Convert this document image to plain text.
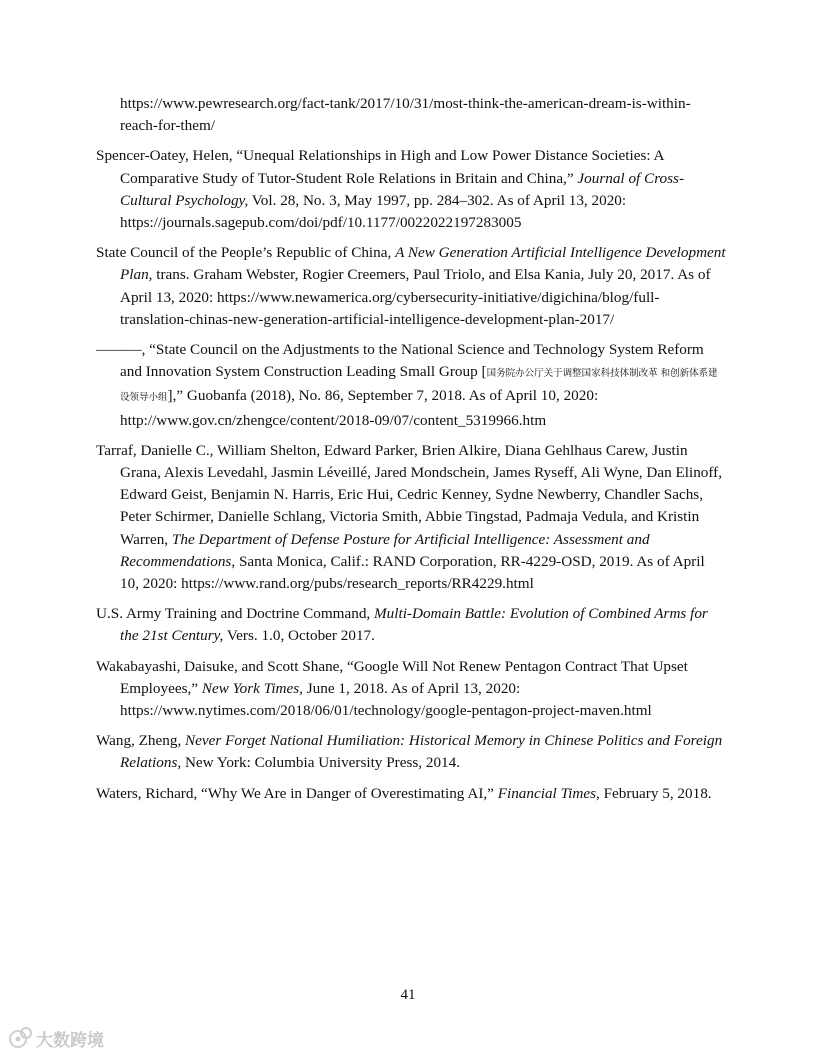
https://www.pewresearch.org/fact-tank/2017/10/31/most-think-the-american-dream-is-within-reach-for-them/

Spencer-Oatey, Helen, “Unequal Relationships in High and Low Power Distance Societies: A Comparative Study of Tutor-Student Role Relations in Britain and China,” Journal of Cross-Cultural Psychology, Vol. 28, No. 3, May 1997, pp. 284–302. As of April 13, 2020: https://journals.sagepub.com/doi/pdf/10.1177/0022022197283005

State Council of the People’s Republic of China, A New Generation Artificial Intelligence Development Plan, trans. Graham Webster, Rogier Creemers, Paul Triolo, and Elsa Kania, July 20, 2017. As of April 13, 2020: https://www.newamerica.org/cybersecurity-initiative/digichina/blog/full-translation-chinas-new-generation-artificial-intelligence-development-plan-2017/

———, “State Council on the Adjustments to the National Science and Technology System Reform and Innovation System Construction Leading Small Group [国务院办公厅关于调整国家科技体制改革 和创新体系建设领导小组],” Guobanfa (2018), No. 86, September 7, 2018. As of April 10, 2020: http://www.gov.cn/zhengce/content/2018-09/07/content_5319966.htm

Tarraf, Danielle C., William Shelton, Edward Parker, Brien Alkire, Diana Gehlhaus Carew, Justin Grana, Alexis Levedahl, Jasmin Léveillé, Jared Mondschein, James Ryseff, Ali Wyne, Dan Elinoff, Edward Geist, Benjamin N. Harris, Eric Hui, Cedric Kenney, Sydne Newberry, Chandler Sachs, Peter Schirmer, Danielle Schlang, Victoria Smith, Abbie Tingstad, Padmaja Vedula, and Kristin Warren, The Department of Defense Posture for Artificial Intelligence: Assessment and Recommendations, Santa Monica, Calif.: RAND Corporation, RR-4229-OSD, 2019. As of April 10, 2020: https://www.rand.org/pubs/research_reports/RR4229.html

U.S. Army Training and Doctrine Command, Multi-Domain Battle: Evolution of Combined Arms for the 21st Century, Vers. 1.0, October 2017.

Wakabayashi, Daisuke, and Scott Shane, “Google Will Not Renew Pentagon Contract That Upset Employees,” New York Times, June 1, 2018. As of April 13, 2020: https://www.nytimes.com/2018/06/01/technology/google-pentagon-project-maven.html

Wang, Zheng, Never Forget National Humiliation: Historical Memory in Chinese Politics and Foreign Relations, New York: Columbia University Press, 2014.

Waters, Richard, “Why We Are in Danger of Overestimating AI,” Financial Times, February 5, 2018.

41
大数跨境
